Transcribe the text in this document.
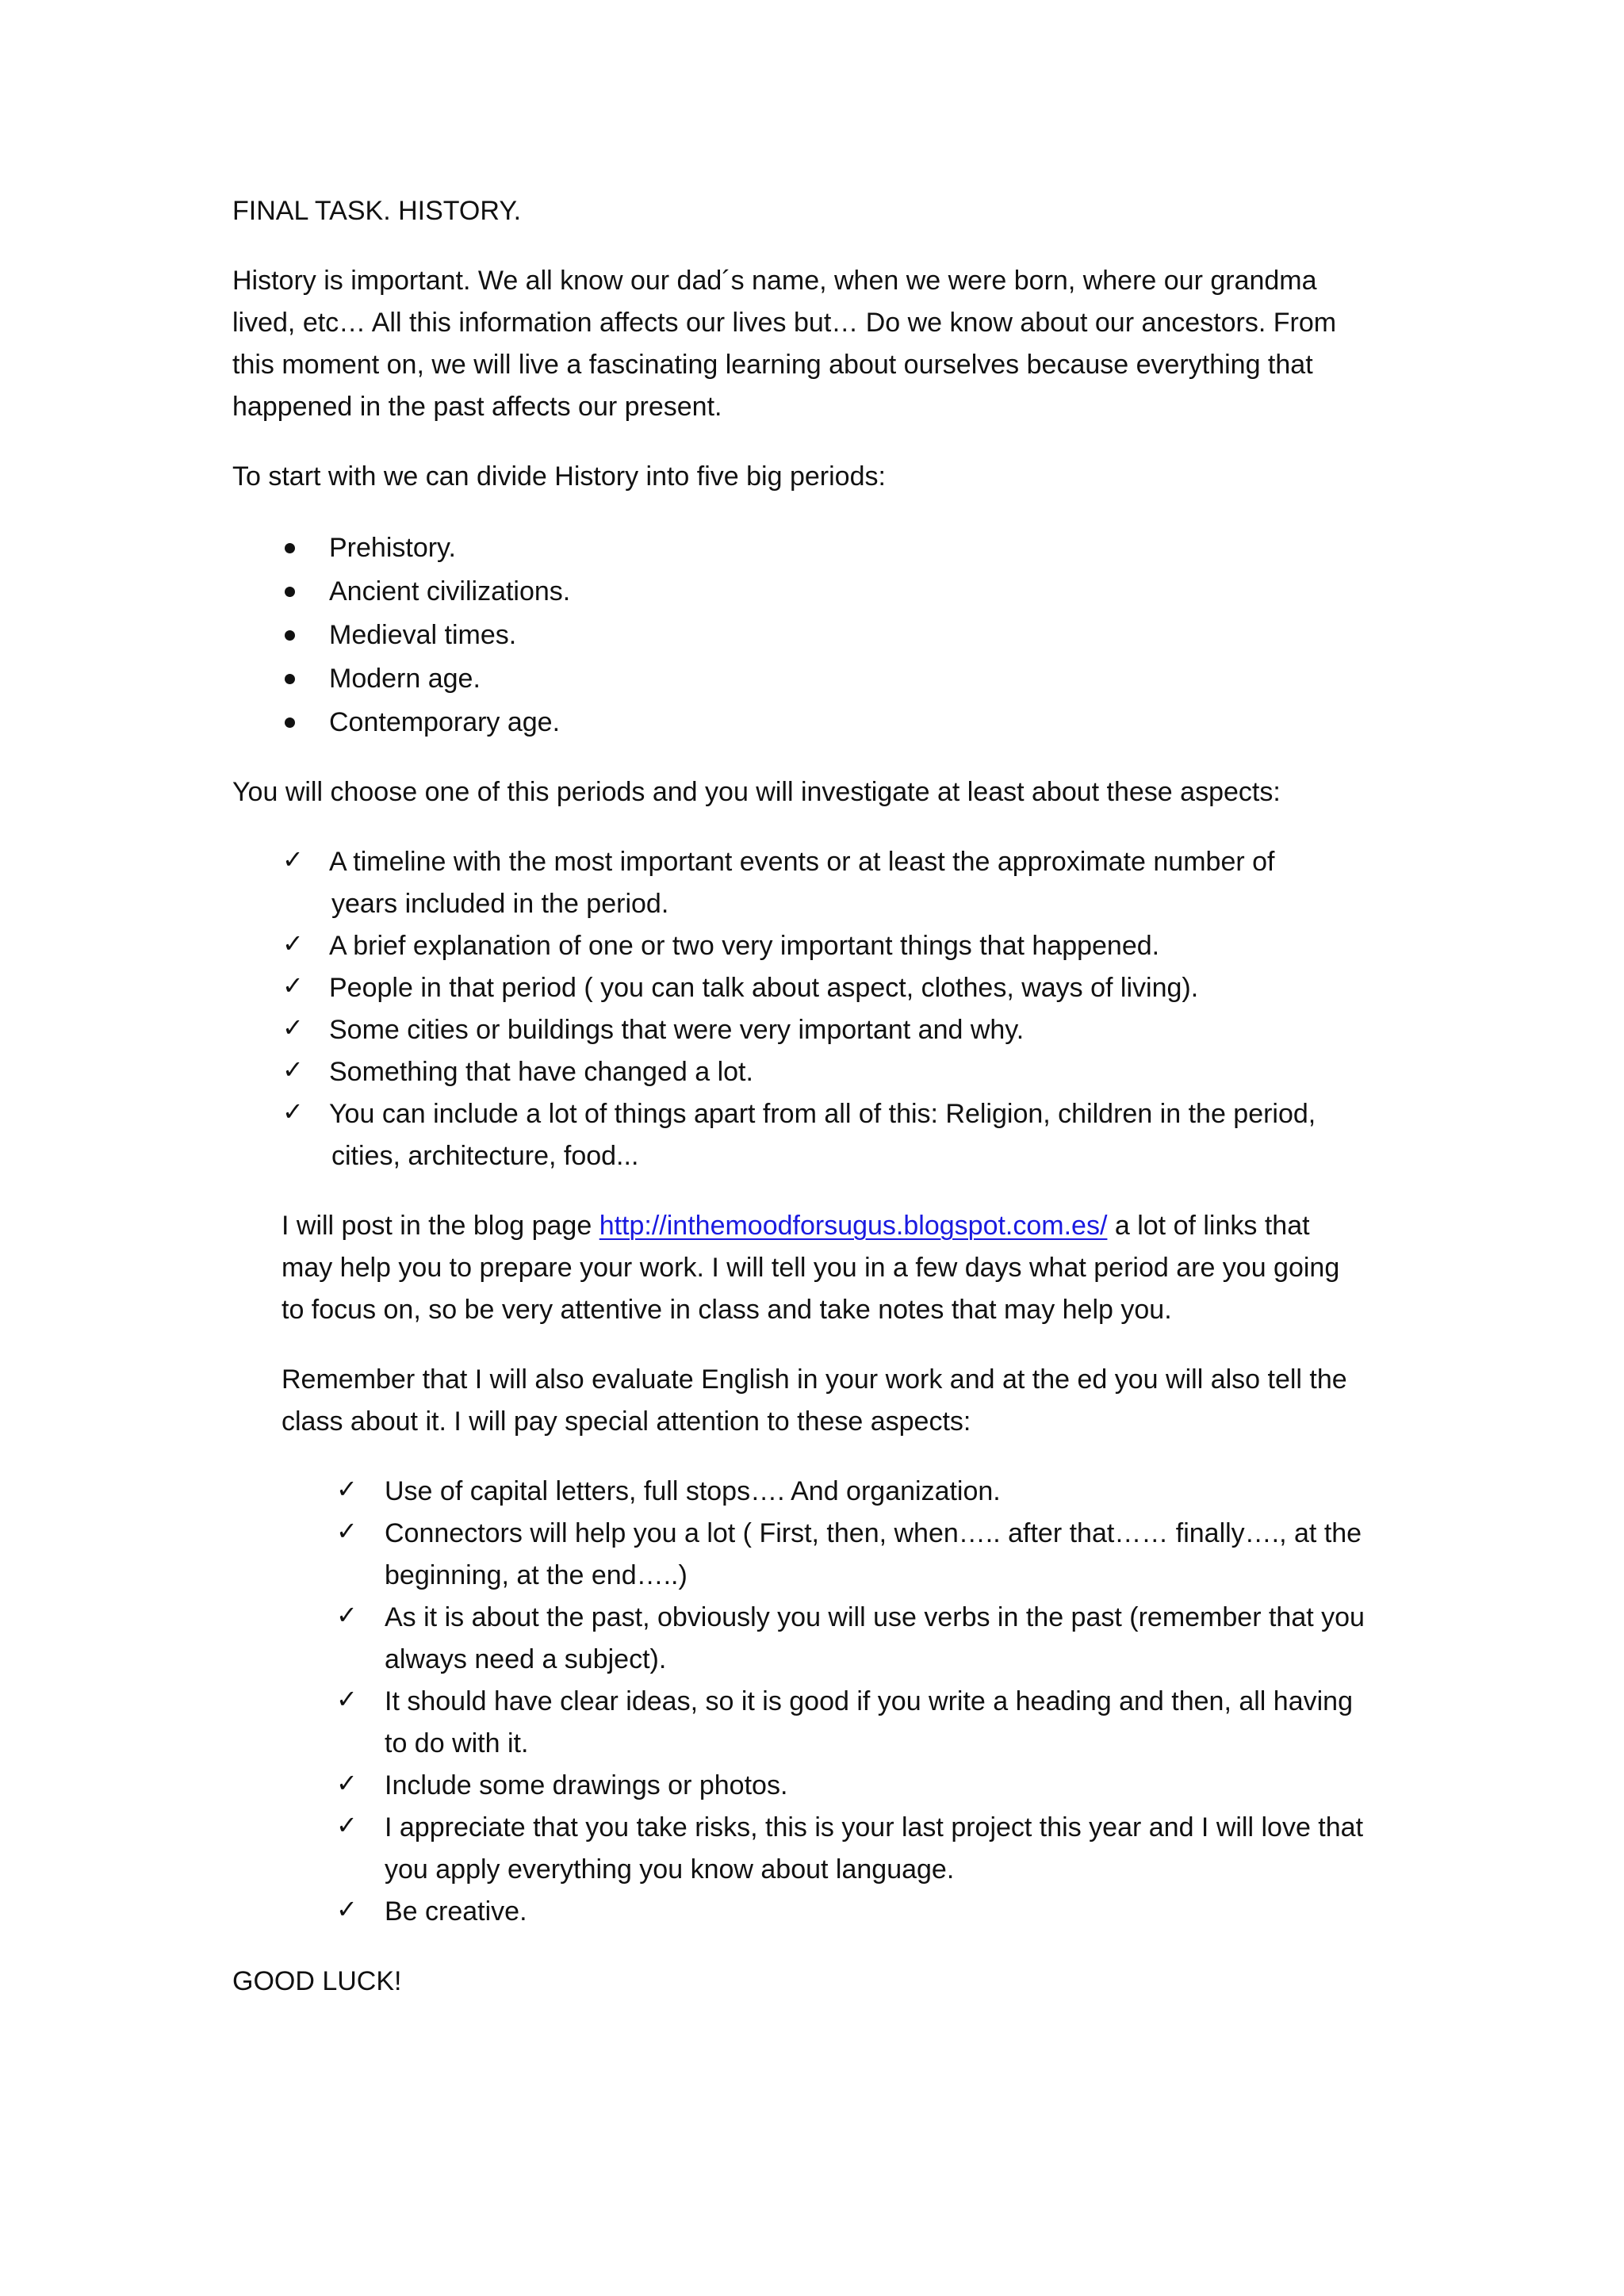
FINAL TASK. HISTORY.
History is important. We all know our dad´s name, when we were born, where our grandma
lived, etc… All this information affects our lives but… Do we know about our ancestors. From
this moment on, we will live a fascinating learning about ourselves because everything that
happened in the past affects our present.
To start with we can divide History into five big periods:
Prehistory.
Ancient civilizations.
Medieval times.
Modern age.
Contemporary age.
You will choose one of this periods and you will investigate at least about these aspects:
✓ A timeline with the most important events or at least the approximate number of
years included in the period.
✓ A brief explanation of one or two very important things that happened.
✓ People in that period ( you can talk about aspect, clothes, ways of living).
✓ Some cities or buildings that were very important and why.
✓ Something that have changed a lot.
✓ You can include a lot of things apart from all of this: Religion, children in the period,
cities, architecture, food...
I will post in the blog page http://inthemoodforsugus.blogspot.com.es/ a lot of links that
may help you to prepare your work. I will tell you in a few days what period are you going
to focus on, so be very attentive in class and take notes that may help you.
Remember that I will also evaluate English in your work and at the ed you will also tell the
class about it. I will pay special attention to these aspects:
✓ Use of capital letters, full stops…. And organization.
✓ Connectors will help you a lot ( First, then, when….. after that…… finally…., at the
beginning, at the end…..)
✓ As it is about the past, obviously you will use verbs in the past (remember that you
always need a subject).
✓ It should have clear ideas, so it is good if you write a heading and then, all having
to do with it.
✓ Include some drawings or photos.
✓ I appreciate that you take risks, this is your last project this year and I will love that
you apply everything you know about language.
✓ Be creative.
GOOD LUCK!
